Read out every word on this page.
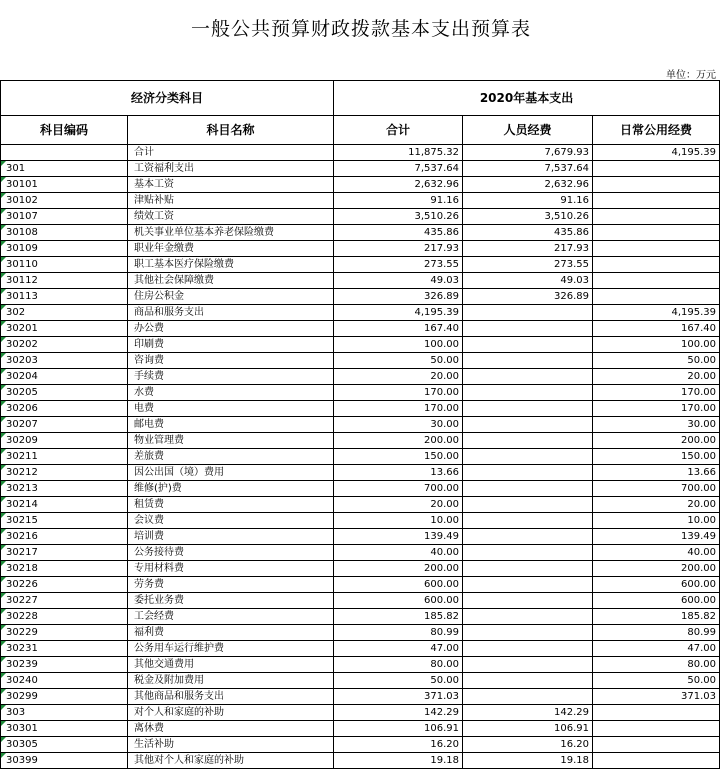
一般公共预算财政拨款基本支出预算表
单位：万元
经济分类科目		2020年基本支出		
科目编码	科目名称	合计	人员经费	日常公用经费
	合计	11,875.32	7,679.93	4,195.39
301	工资福利支出	7,537.64	7,537.64	
30101	基本工资	2,632.96	2,632.96	
30102	津贴补贴	91.16	91.16	
30107	绩效工资	3,510.26	3,510.26	
30108	机关事业单位基本养老保险缴费	435.86	435.86	
30109	职业年金缴费	217.93	217.93	
30110	职工基本医疗保险缴费	273.55	273.55	
30112	其他社会保障缴费	49.03	49.03	
30113	住房公积金	326.89	326.89	
302	商品和服务支出	4,195.39		4,195.39
30201	办公费	167.40		167.40
30202	印刷费	100.00		100.00
30203	咨询费	50.00		50.00
30204	手续费	20.00		20.00
30205	水费	170.00		170.00
30206	电费	170.00		170.00
30207	邮电费	30.00		30.00
30209	物业管理费	200.00		200.00
30211	差旅费	150.00		150.00
30212	因公出国（境）费用	13.66		13.66
30213	维修(护)费	700.00		700.00
30214	租赁费	20.00		20.00
30215	会议费	10.00		10.00
30216	培训费	139.49		139.49
30217	公务接待费	40.00		40.00
30218	专用材料费	200.00		200.00
30226	劳务费	600.00		600.00
30227	委托业务费	600.00		600.00
30228	工会经费	185.82		185.82
30229	福利费	80.99		80.99
30231	公务用车运行维护费	47.00		47.00
30239	其他交通费用	80.00		80.00
30240	税金及附加费用	50.00		50.00
30299	其他商品和服务支出	371.03		371.03
303	对个人和家庭的补助	142.29	142.29	
30301	离休费	106.91	106.91	
30305	生活补助	16.20	16.20	
30399	其他对个人和家庭的补助	19.18	19.18	
